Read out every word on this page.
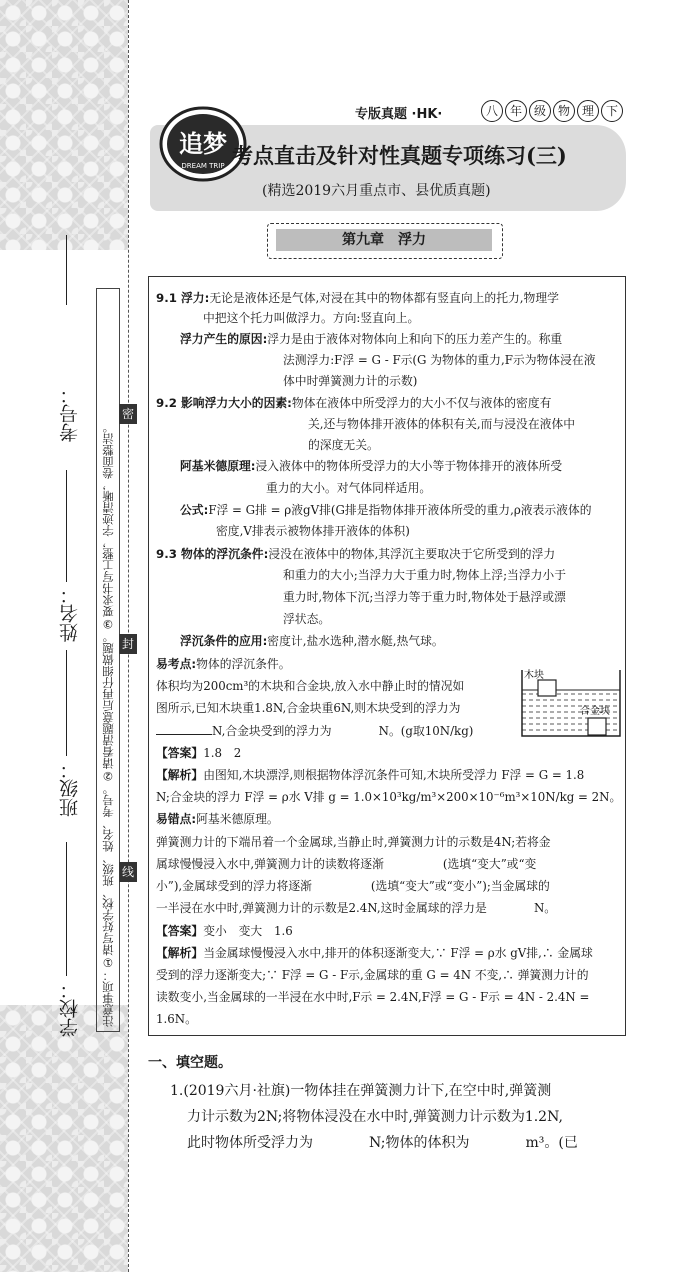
学校：
班级：
姓名：
考号：
注意事项：①请写好学校、班级、姓名、考号。②请看清题意后再仔细做题。③要求书写工整，字迹清晰，卷面整洁。
密
封
线
专版真题 ·HK·	八 年 级 物 理 下
追梦
DREAM TRIP 考点直击及针对性真题专项练习(三)
(精选2019六月重点市、县优质真题)
第九章　浮力
9.1 浮力:无论是液体还是气体,对浸在其中的物体都有竖直向上的托力,物理学
中把这个托力叫做浮力。方向:竖直向上。
浮力产生的原因:浮力是由于液体对物体向上和向下的压力差产生的。称重
法测浮力:F浮 = G - F示(G 为物体的重力,F示为物体浸在液
体中时弹簧测力计的示数)
9.2 影响浮力大小的因素:物体在液体中所受浮力的大小不仅与液体的密度有
关,还与物体排开液体的体积有关,而与浸没在液体中
的深度无关。
阿基米德原理:浸入液体中的物体所受浮力的大小等于物体排开的液体所受
重力的大小。对气体同样适用。
公式:F浮 = G排 = ρ液gV排(G排是指物体排开液体所受的重力,ρ液表示液体的
密度,V排表示被物体排开液体的体积)
9.3 物体的浮沉条件:浸没在液体中的物体,其浮沉主要取决于它所受到的浮力
和重力的大小;当浮力大于重力时,物体上浮;当浮力小于
重力时,物体下沉;当浮力等于重力时,物体处于悬浮或漂
浮状态。
浮沉条件的应用:密度计,盐水选种,潜水艇,热气球。
易考点:物体的浮沉条件。
体积均为200cm³的木块和合金块,放入水中静止时的情况如
图所示,已知木块重1.8N,合金块重6N,则木块受到的浮力为
N,合金块受到的浮力为　　　　N。(g取10N/kg)
【答案】1.8　2
【解析】由图知,木块漂浮,则根据物体浮沉条件可知,木块所受浮力 F浮 = G = 1.8
N;合金块的浮力 F浮 = ρ水 V排 g = 1.0×10³kg/m³×200×10⁻⁶m³×10N/kg = 2N。
易错点:阿基米德原理。
弹簧测力计的下端吊着一个金属球,当静止时,弹簧测力计的示数是4N;若将金
属球慢慢浸入水中,弹簧测力计的读数将逐渐　　　　　(选填“变大”或“变
小”),金属球受到的浮力将逐渐　　　　　(选填“变大”或“变小”);当金属球的
一半浸在水中时,弹簧测力计的示数是2.4N,这时金属球的浮力是　　　　N。
【答案】变小　变大　1.6
【解析】当金属球慢慢浸入水中,排开的体积逐渐变大,∵ F浮 = ρ水 gV排,∴ 金属球
受到的浮力逐渐变大;∵ F浮 = G - F示,金属球的重 G = 4N 不变,∴ 弹簧测力计的
读数变小,当金属球的一半浸在水中时,F示 = 2.4N,F浮 = G - F示 = 4N - 2.4N =
1.6N。
木块
合金块
一、填空题。
1.(2019六月·社旗)一物体挂在弹簧测力计下,在空中时,弹簧测
力计示数为2N;将物体浸没在水中时,弹簧测力计示数为1.2N,
此时物体所受浮力为　　　　N;物体的体积为　　　　m³。(已
